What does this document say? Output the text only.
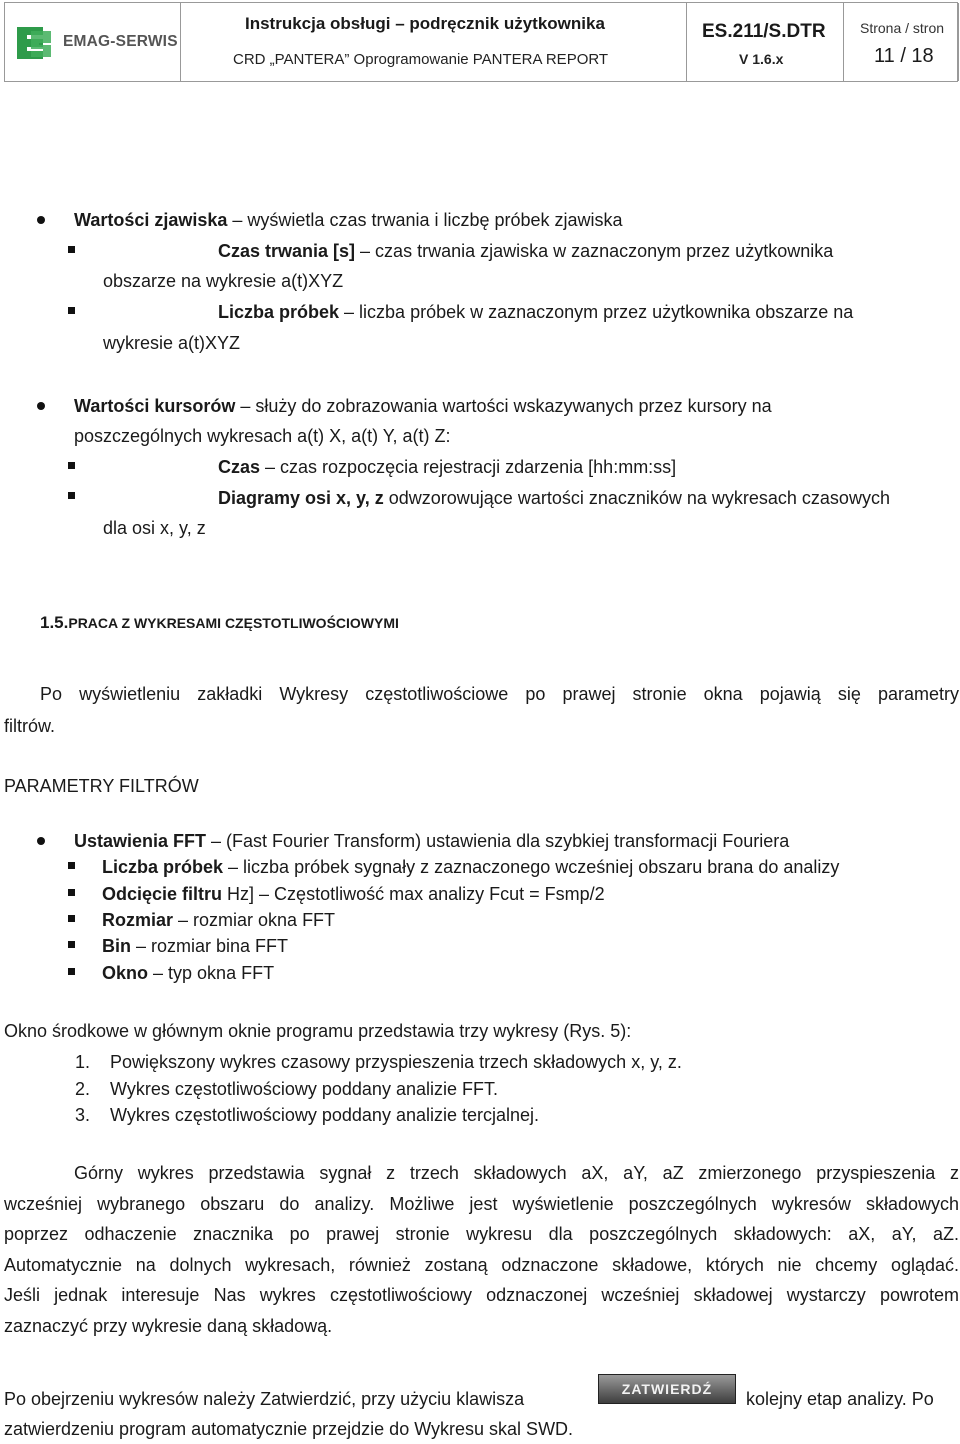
EMAG-SERWIS
Instrukcja obsługi – podręcznik użytkownika
CRD „PANTERA” Oprogramowanie PANTERA REPORT
ES.211/S.DTR
V 1.6.x
Strona / stron
11 / 18
Wartości zjawiska – wyświetla czas trwania i liczbę próbek zjawiska
Czas trwania [s] – czas trwania zjawiska w zaznaczonym przez użytkownika
obszarze na wykresie a(t)XYZ
Liczba próbek – liczba próbek w zaznaczonym przez użytkownika obszarze na
wykresie a(t)XYZ
Wartości kursorów – służy do zobrazowania wartości wskazywanych przez kursory na
poszczególnych wykresach a(t) X, a(t) Y, a(t) Z:
Czas – czas rozpoczęcia rejestracji zdarzenia [hh:mm:ss]
Diagramy osi x, y, z odwzorowujące wartości znaczników na wykresach czasowych
dla osi x, y, z
1.5.PRACA Z WYKRESAMI CZĘSTOTLIWOŚCIOWYMI
Po wyświetleniu zakładki Wykresy częstotliwościowe po prawej stronie okna pojawią się parametry
filtrów.
PARAMETRY FILTRÓW
Ustawienia FFT – (Fast Fourier Transform) ustawienia dla szybkiej transformacji Fouriera
Liczba próbek – liczba próbek sygnały z zaznaczonego wcześniej obszaru brana do analizy
Odcięcie filtru Hz] – Częstotliwość max analizy Fcut = Fsmp/2
Rozmiar – rozmiar okna FFT
Bin – rozmiar bina FFT
Okno – typ okna FFT
Okno środkowe w głównym oknie programu przedstawia trzy wykresy (Rys. 5):
1. Powiększony wykres czasowy przyspieszenia trzech składowych x, y, z.
2. Wykres częstotliwościowy poddany analizie FFT.
3. Wykres częstotliwościowy poddany analizie tercjalnej.
Górny wykres przedstawia sygnał z trzech składowych aX, aY, aZ zmierzonego przyspieszenia z
wcześniej wybranego obszaru do analizy. Możliwe jest wyświetlenie poszczególnych wykresów składowych
poprzez odhaczenie znacznika po prawej stronie wykresu dla poszczególnych składowych: aX, aY, aZ.
Automatycznie na dolnych wykresach, również zostaną odznaczone składowe, których nie chcemy oglądać.
Jeśli jednak interesuje Nas wykres częstotliwościowy odznaczonej wcześniej składowej wystarczy powrotem
zaznaczyć przy wykresie daną składową.
Po obejrzeniu wykresów należy Zatwierdzić, przy użyciu klawisza	ZATWIERDŹ	kolejny etap analizy. Po
zatwierdzeniu program automatycznie przejdzie do Wykresu skal SWD.
